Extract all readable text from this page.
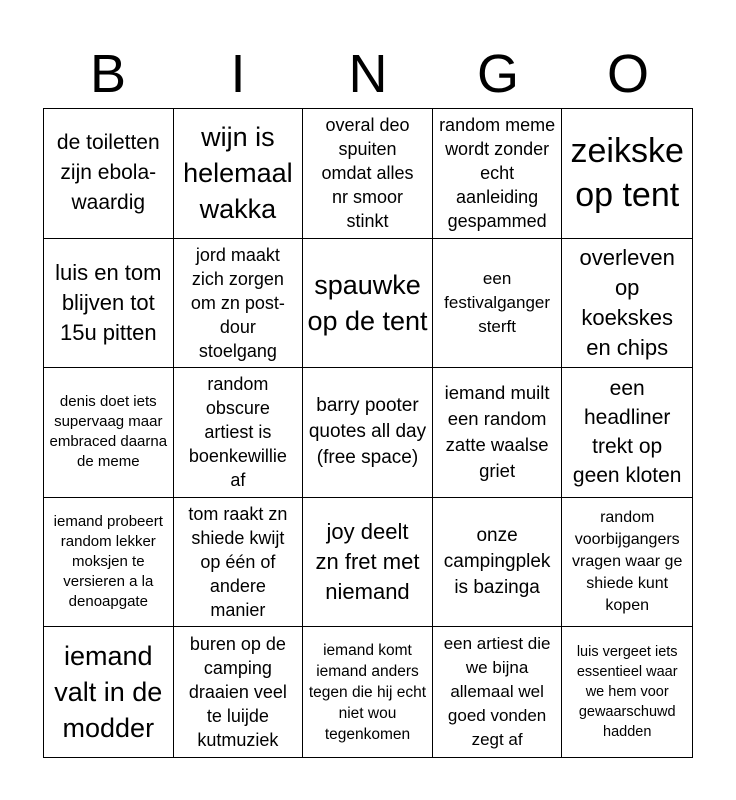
B	I	N	G	O
de toiletten zijn ebola-waardig
wijn is helemaal wakka
overal deo spuiten omdat alles nr smoor stinkt
random meme wordt zonder echt aanleiding gespammed
zeikske op tent
luis en tom blijven tot 15u pitten
jord maakt zich zorgen om zn post-dour stoelgang
spauwke op de tent
een festivalganger sterft
overleven op koekskes en chips
denis doet iets supervaag maar embraced daarna de meme
random obscure artiest is boenkewillie af
barry pooter quotes all day (free space)
iemand muilt een random zatte waalse griet
een headliner trekt op geen kloten
iemand probeert random lekker moksjen te versieren a la denoapgate
tom raakt zn shiede kwijt op één of andere manier
joy deelt zn fret met niemand
onze campingplek is bazinga
random voorbijgangers vragen waar ge shiede kunt kopen
iemand valt in de modder
buren op de camping draaien veel te luijde kutmuziek
iemand komt iemand anders tegen die hij echt niet wou tegenkomen
een artiest die we bijna allemaal wel goed vonden zegt af
luis vergeet iets essentieel waar we hem voor gewaarschuwd hadden
